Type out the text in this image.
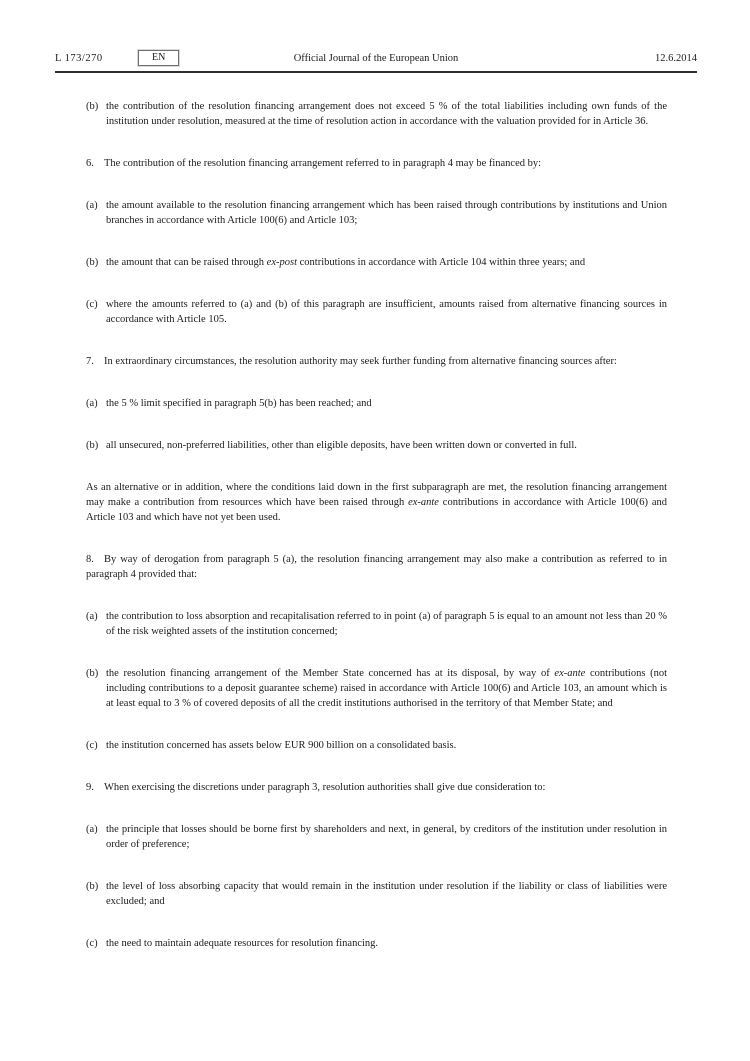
L 173/270	EN	Official Journal of the European Union	12.6.2014

(b) the contribution of the resolution financing arrangement does not exceed 5 % of the total liabilities including own funds of the institution under resolution, measured at the time of resolution action in accordance with the valuation provided for in Article 36.

6. The contribution of the resolution financing arrangement referred to in paragraph 4 may be financed by:

(a) the amount available to the resolution financing arrangement which has been raised through contributions by institutions and Union branches in accordance with Article 100(6) and Article 103;

(b) the amount that can be raised through ex-post contributions in accordance with Article 104 within three years; and

(c) where the amounts referred to (a) and (b) of this paragraph are insufficient, amounts raised from alternative financing sources in accordance with Article 105.

7. In extraordinary circumstances, the resolution authority may seek further funding from alternative financing sources after:

(a) the 5 % limit specified in paragraph 5(b) has been reached; and

(b) all unsecured, non-preferred liabilities, other than eligible deposits, have been written down or converted in full.

As an alternative or in addition, where the conditions laid down in the first subparagraph are met, the resolution financing arrangement may make a contribution from resources which have been raised through ex-ante contributions in accordance with Article 100(6) and Article 103 and which have not yet been used.

8. By way of derogation from paragraph 5 (a), the resolution financing arrangement may also make a contribution as referred to in paragraph 4 provided that:

(a) the contribution to loss absorption and recapitalisation referred to in point (a) of paragraph 5 is equal to an amount not less than 20 % of the risk weighted assets of the institution concerned;

(b) the resolution financing arrangement of the Member State concerned has at its disposal, by way of ex-ante contributions (not including contributions to a deposit guarantee scheme) raised in accordance with Article 100(6) and Article 103, an amount which is at least equal to 3 % of covered deposits of all the credit institutions authorised in the territory of that Member State; and

(c) the institution concerned has assets below EUR 900 billion on a consolidated basis.

9. When exercising the discretions under paragraph 3, resolution authorities shall give due consideration to:

(a) the principle that losses should be borne first by shareholders and next, in general, by creditors of the institution under resolution in order of preference;

(b) the level of loss absorbing capacity that would remain in the institution under resolution if the liability or class of liabilities were excluded; and

(c) the need to maintain adequate resources for resolution financing.
